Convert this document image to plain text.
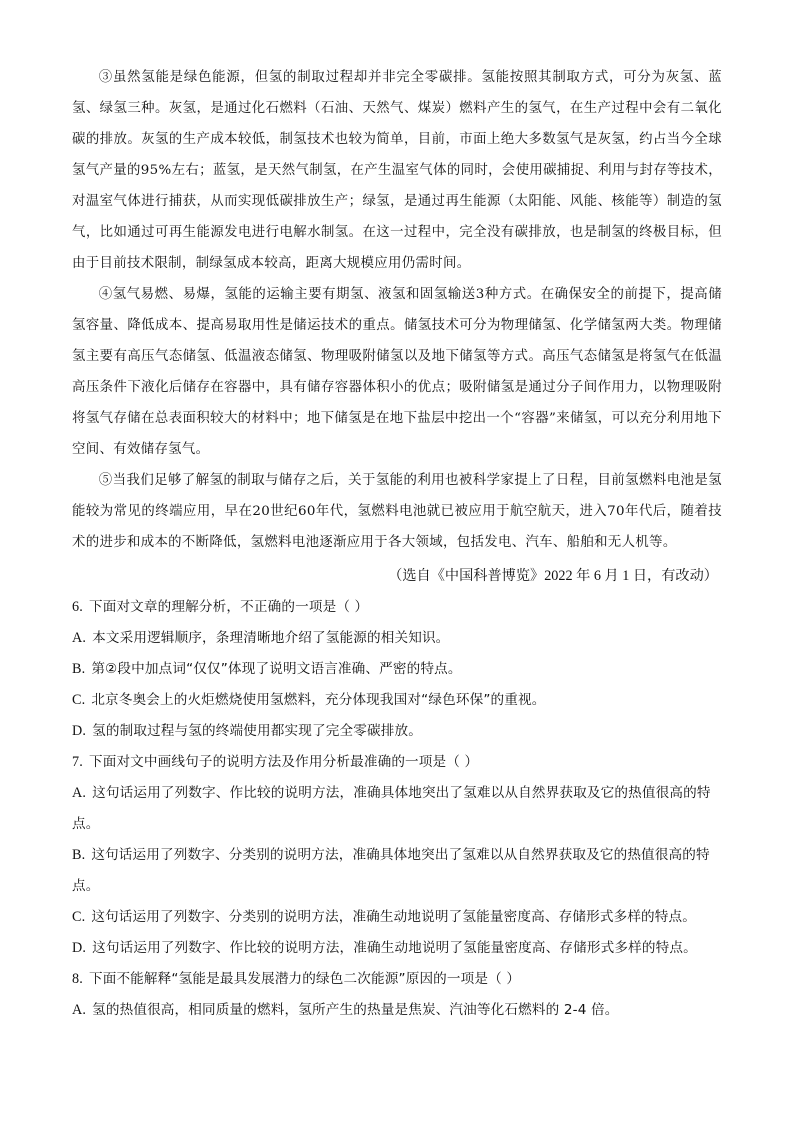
③虽然氢能是绿色能源，但氢的制取过程却并非完全零碳排。氢能按照其制取方式，可分为灰氢、蓝氢、绿氢三种。灰氢，是通过化石燃料（石油、天然气、煤炭）燃料产生的氢气，在生产过程中会有二氧化碳的排放。灰氢的生产成本较低，制氢技术也较为简单，目前，市面上绝大多数氢气是灰氢，约占当今全球氢气产量的95%左右；蓝氢，是天然气制氢，在产生温室气体的同时，会使用碳捕捉、利用与封存等技术，对温室气体进行捕获，从而实现低碳排放生产；绿氢，是通过再生能源（太阳能、风能、核能等）制造的氢气，比如通过可再生能源发电进行电解水制氢。在这一过程中，完全没有碳排放，也是制氢的终极目标，但由于目前技术限制，制绿氢成本较高，距离大规模应用仍需时间。

④氢气易燃、易爆，氢能的运输主要有期氢、液氢和固氢输送3种方式。在确保安全的前提下，提高储氢容量、降低成本、提高易取用性是储运技术的重点。储氢技术可分为物理储氢、化学储氢两大类。物理储氢主要有高压气态储氢、低温液态储氢、物理吸附储氢以及地下储氢等方式。高压气态储氢是将氢气在低温高压条件下液化后储存在容器中，具有储存容器体积小的优点；吸附储氢是通过分子间作用力，以物理吸附将氢气存储在总表面积较大的材料中；地下储氢是在地下盐层中挖出一个“容器”来储氢，可以充分利用地下空间、有效储存氢气。

⑤当我们足够了解氢的制取与储存之后，关于氢能的利用也被科学家提上了日程，目前氢燃料电池是氢能较为常见的终端应用，早在20世纪60年代，氢燃料电池就已被应用于航空航天，进入70年代后，随着技术的进步和成本的不断降低，氢燃料电池逐渐应用于各大领域，包括发电、汽车、船舶和无人机等。

（选自《中国科普博览》2022 年 6 月 1 日，有改动）

6. 下面对文章的理解分析，不正确的一项是（ ）

A. 本文采用逻辑顺序，条理清晰地介绍了氢能源的相关知识。

B. 第②段中加点词“仅仅”体现了说明文语言准确、严密的特点。

C. 北京冬奥会上的火炬燃烧使用氢燃料，充分体现我国对“绿色环保”的重视。

D. 氢的制取过程与氢的终端使用都实现了完全零碳排放。

7. 下面对文中画线句子的说明方法及作用分析最准确的一项是（ ）

A. 这句话运用了列数字、作比较的说明方法，准确具体地突出了氢难以从自然界获取及它的热值很高的特点。

B. 这句话运用了列数字、分类别的说明方法，准确具体地突出了氢难以从自然界获取及它的热值很高的特点。

C. 这句话运用了列数字、分类别的说明方法，准确生动地说明了氢能量密度高、存储形式多样的特点。

D. 这句话运用了列数字、作比较的说明方法，准确生动地说明了氢能量密度高、存储形式多样的特点。

8. 下面不能解释“氢能是最具发展潜力的绿色二次能源”原因的一项是（ ）

A. 氢的热值很高，相同质量的燃料，氢所产生的热量是焦炭、汽油等化石燃料的 2-4 倍。
